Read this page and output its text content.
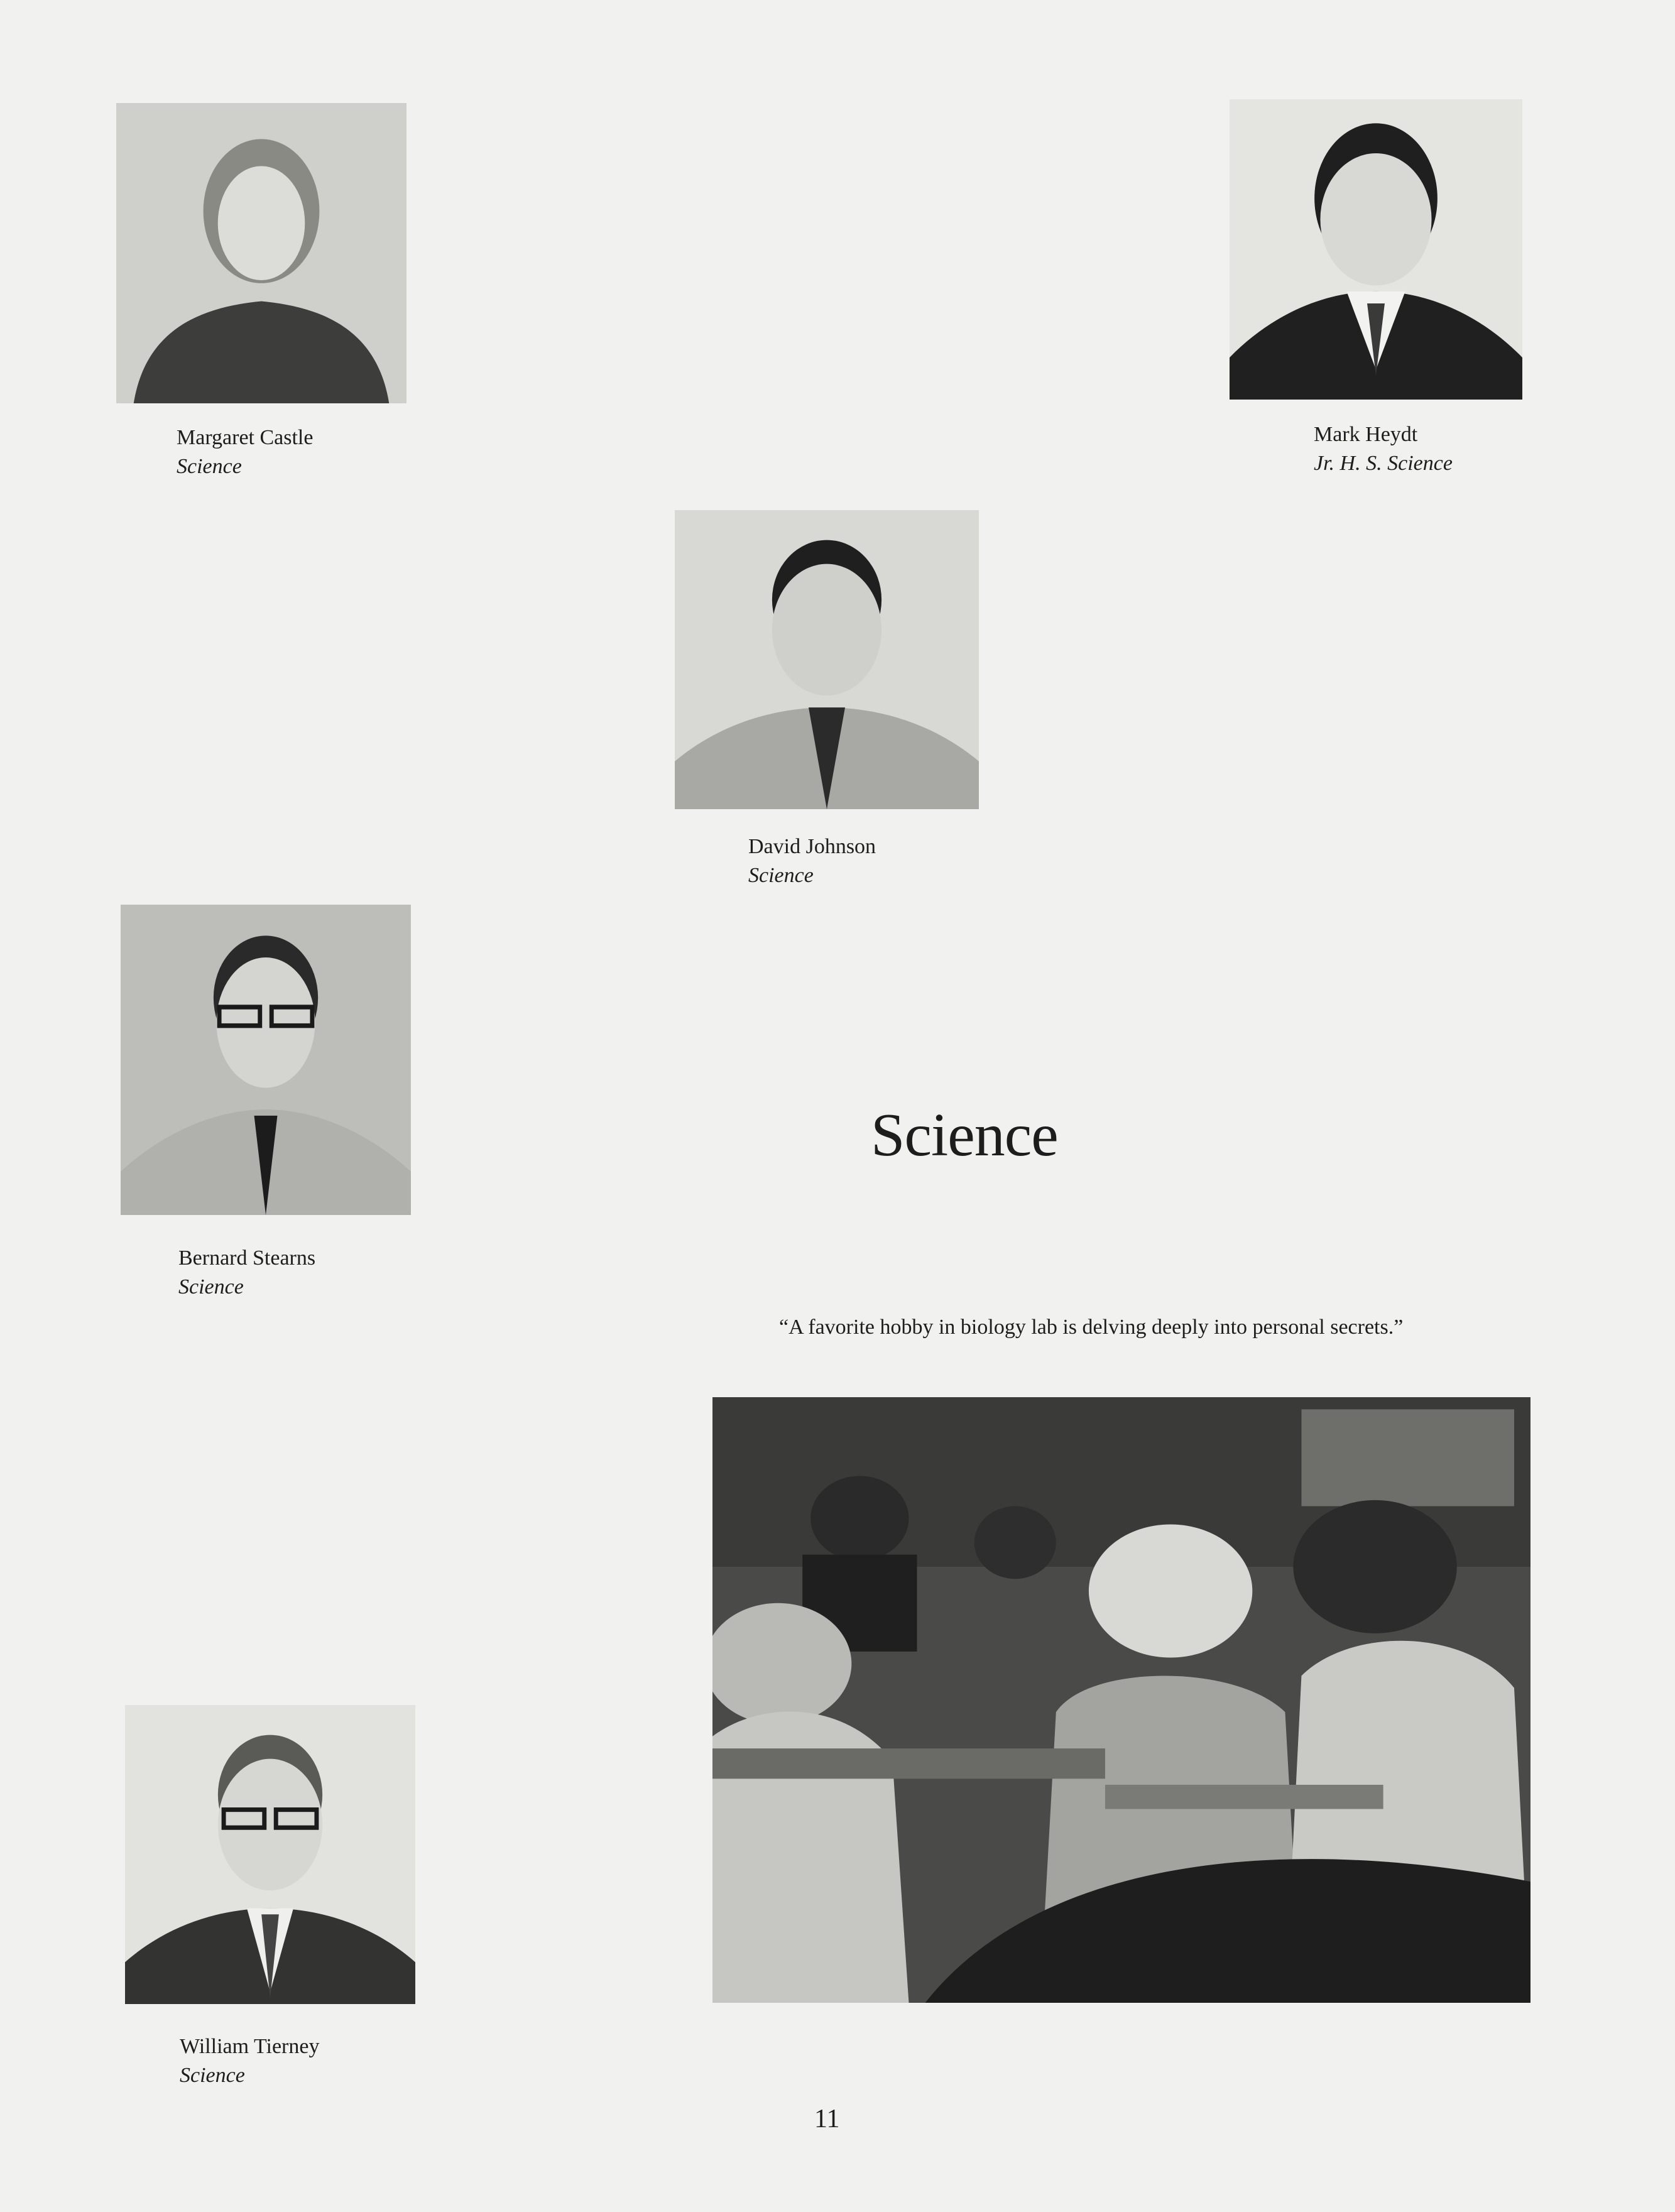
Margaret Castle
Science
Mark Heydt
Jr. H. S. Science
David Johnson
Science
Bernard Stearns
Science
William Tierney
Science
Science
“A favorite hobby in biology lab is delving deeply into personal secrets.”
11
